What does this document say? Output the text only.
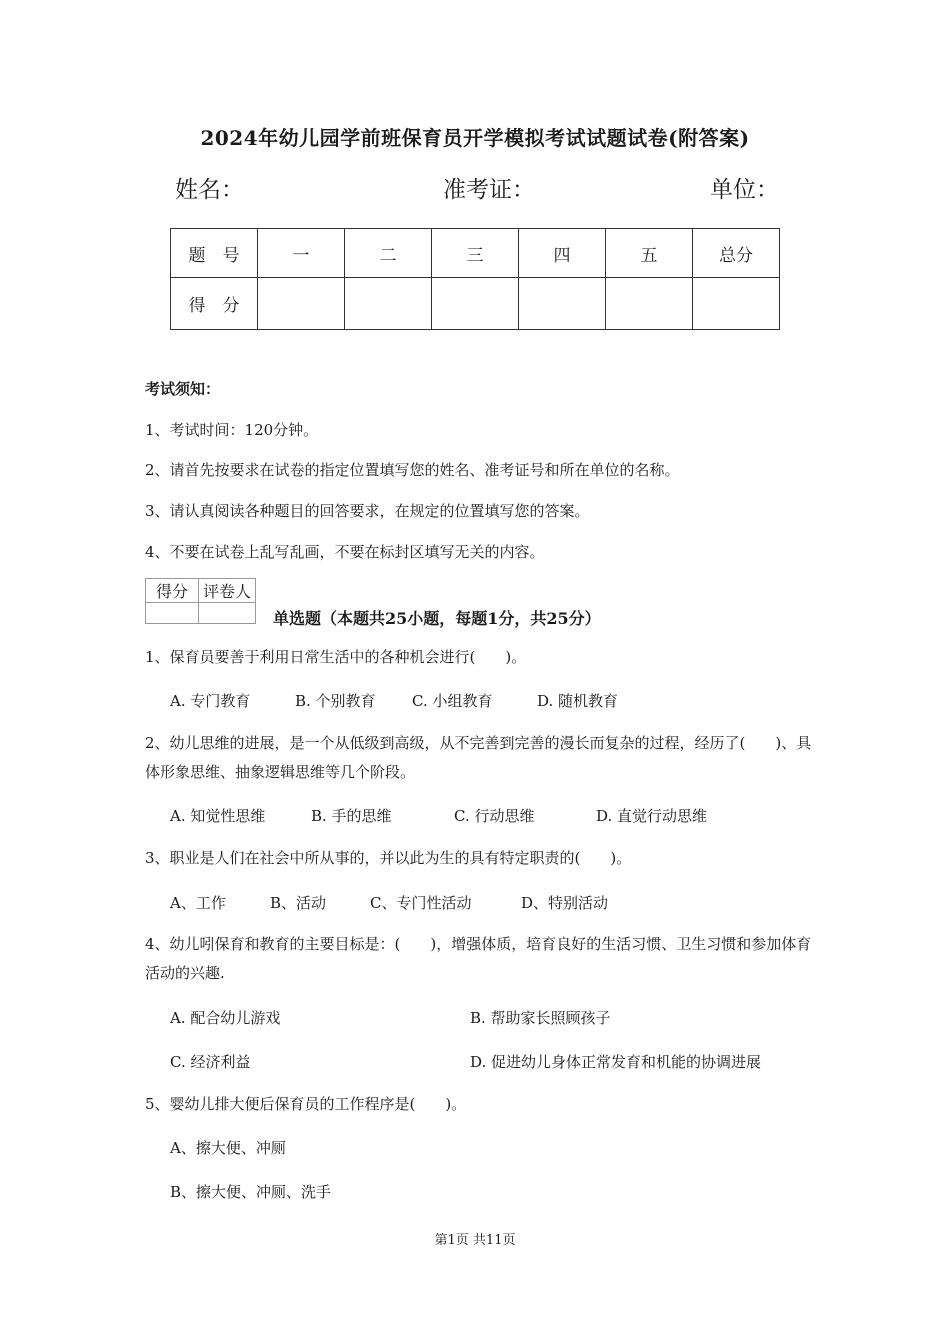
2024年幼儿园学前班保育员开学模拟考试试题试卷(附答案)
姓名：	准考证：	单位：
题　号	一	二	三	四	五	总分
得　分						
考试须知：
1、考试时间：120分钟。
2、请首先按要求在试卷的指定位置填写您的姓名、准考证号和所在单位的名称。
3、请认真阅读各种题目的回答要求，在规定的位置填写您的答案。
4、不要在试卷上乱写乱画，不要在标封区填写无关的内容。
得分	评卷人

单选题（本题共25小题，每题1分，共25分）
1、保育员要善于利用日常生活中的各种机会进行(　　)。
A. 专门教育	B. 个别教育 C. 小组教育	D. 随机教育
2、幼儿思维的进展，是一个从低级到高级，从不完善到完善的漫长而复杂的过程，经历了(　　)、具体形象思维、抽象逻辑思维等几个阶段。
A. 知觉性思维	B. 手的思维	C. 行动思维	D. 直觉行动思维
3、职业是人们在社会中所从事的，并以此为生的具有特定职责的(　　)。
A、工作	B、活动	C、专门性活动	D、特别活动
4、幼儿吲保育和教育的主要目标是：(　　)，增强体质，培育良好的生活习惯、卫生习惯和参加体育活动的兴趣.
A. 配合幼儿游戏	B. 帮助家长照顾孩子
C. 经济利益	D. 促进幼儿身体正常发育和机能的协调进展
5、婴幼儿排大便后保育员的工作程序是(　　)。
A、擦大便、冲厕
B、擦大便、冲厕、洗手
第1页 共11页
